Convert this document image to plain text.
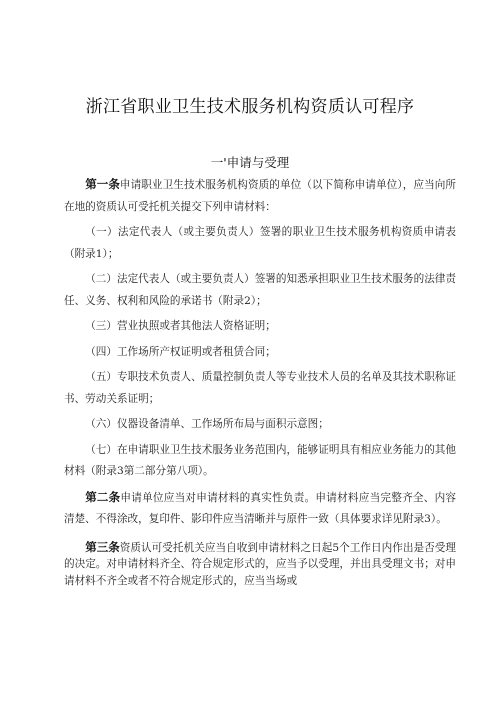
浙江省职业卫生技术服务机构资质认可程序
一'申请与受理

第一条申请职业卫生技术服务机构资质的单位（以下简称申请单位），应当向所在地的资质认可受托机关提交下列申请材料：

（一）法定代表人（或主要负责人）签署的职业卫生技术服务机构资质申请表（附录1）；

（二）法定代表人（或主要负责人）签署的知悉承担职业卫生技术服务的法律责任、义务、权利和风险的承诺书（附录2）；

（三）营业执照或者其他法人资格证明；

（四）工作场所产权证明或者租赁合同；

（五）专职技术负责人、质量控制负责人等专业技术人员的名单及其技术职称证书、劳动关系证明；

（六）仪器设备清单、工作场所布局与面积示意图；

（七）在申请职业卫生技术服务业务范围内，能够证明具有相应业务能力的其他材料（附录3第二部分第八项）。

第二条申请单位应当对申请材料的真实性负责。申请材料应当完整齐全、内容清楚、不得涂改，复印件、影印件应当清晰并与原件一致（具体要求详见附录3）。

第三条资质认可受托机关应当自收到申请材料之日起5个工作日内作出是否受理的决定。对申请材料齐全、符合规定形式的，应当予以受理，并出具受理文书；对申请材料不齐全或者不符合规定形式的，应当当场或
